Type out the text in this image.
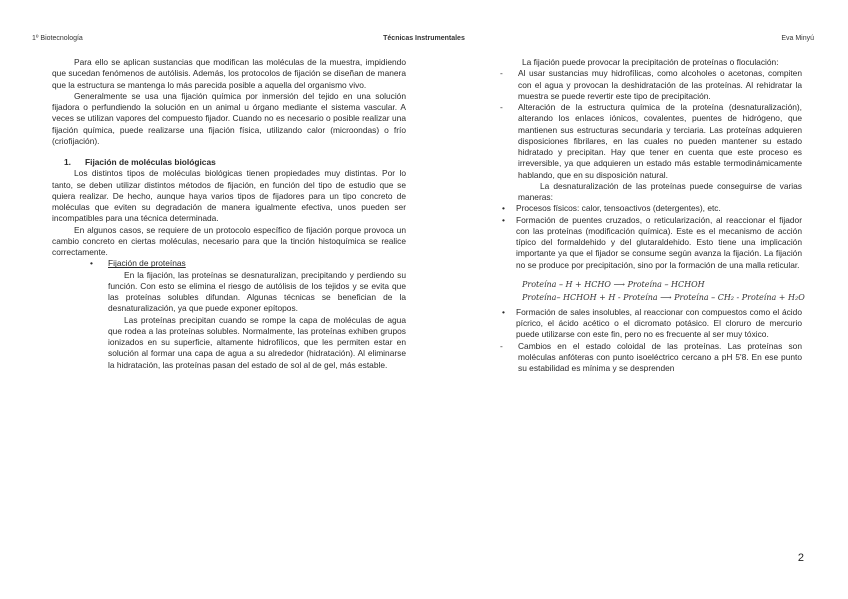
1º Biotecnología	Técnicas Instrumentales	Eva Minyú

Para ello se aplican sustancias que modifican las moléculas de la muestra, impidiendo que sucedan fenómenos de autólisis. Además, los protocolos de fijación se diseñan de manera que la estructura se mantenga lo más parecida posible a aquella del organismo vivo.

Generalmente se usa una fijación química por inmersión del tejido en una solución fijadora o perfundiendo la solución en un animal u órgano mediante el sistema vascular. A veces se utilizan vapores del compuesto fijador. Cuando no es necesario o posible realizar una fijación química, puede realizarse una fijación física, utilizando calor (microondas) o frío (criofijación).

1. Fijación de moléculas biológicas

Los distintos tipos de moléculas biológicas tienen propiedades muy distintas. Por lo tanto, se deben utilizar distintos métodos de fijación, en función del tipo de estudio que se quiera realizar. De hecho, aunque haya varios tipos de fijadores para un tipo concreto de moléculas que eviten su degradación de manera igualmente efectiva, unos pueden ser incompatibles para una técnica determinada.

En algunos casos, se requiere de un protocolo específico de fijación porque provoca un cambio concreto en ciertas moléculas, necesario para que la tinción histoquímica se realice correctamente.

•	Fijación de proteínas

En la fijación, las proteínas se desnaturalizan, precipitando y perdiendo su función. Con esto se elimina el riesgo de autólisis de los tejidos y se evita que las proteínas solubles difundan. Algunas técnicas se benefician de la desnaturalización, ya que puede exponer epítopos.

Las proteínas precipitan cuando se rompe la capa de moléculas de agua que rodea a las proteínas solubles. Normalmente, las proteínas exhiben grupos ionizados en su superficie, altamente hidrofílicos, que les permiten estar en solución al formar una capa de agua a su alrededor (hidratación). Al eliminarse la hidratación, las proteínas pasan del estado de sol al de gel, más estable.

La fijación puede provocar la precipitación de proteínas o floculación:

-	Al usar sustancias muy hidrofílicas, como alcoholes o acetonas, compiten con el agua y provocan la deshidratación de las proteínas. Al rehidratar la muestra se puede revertir este tipo de precipitación.
-	Alteración de la estructura química de la proteína (desnaturalización), alterando los enlaces iónicos, covalentes, puentes de hidrógeno, que mantienen sus estructuras secundaria y terciaria. Las proteínas adquieren disposiciones fibrilares, en las cuales no pueden mantener su estado hidratado y precipitan. Hay que tener en cuenta que este proceso es irreversible, ya que adquieren un estado más estable termodinámicamente hablando, que en su disposición natural.

La desnaturalización de las proteínas puede conseguirse de varias maneras:

•	Procesos físicos: calor, tensoactivos (detergentes), etc.
•	Formación de puentes cruzados, o reticularización, al reaccionar el fijador con las proteínas (modificación química). Este es el mecanismo de acción típico del formaldehido y del glutaraldehido. Esto tiene una implicación importante ya que el fijador se consume según avanza la fijación. La fijación no se produce por precipitación, sino por la formación de una malla reticular.
Proteína – H + HCHO ⟶ Proteína – HCHOH
Proteína– HCHOH + H - Proteína ⟶ Proteína – CH₂ - Proteína + H₂O
•	Formación de sales insolubles, al reaccionar con compuestos como el ácido pícrico, el ácido acético o el dicromato potásico. El cloruro de mercurio puede utilizarse con este fin, pero no es frecuente al ser muy tóxico.
-	Cambios en el estado coloidal de las proteínas. Las proteínas son moléculas anfóteras con punto isoeléctrico cercano a pH 5'8. En ese punto su estabilidad es mínima y se desprenden
2
